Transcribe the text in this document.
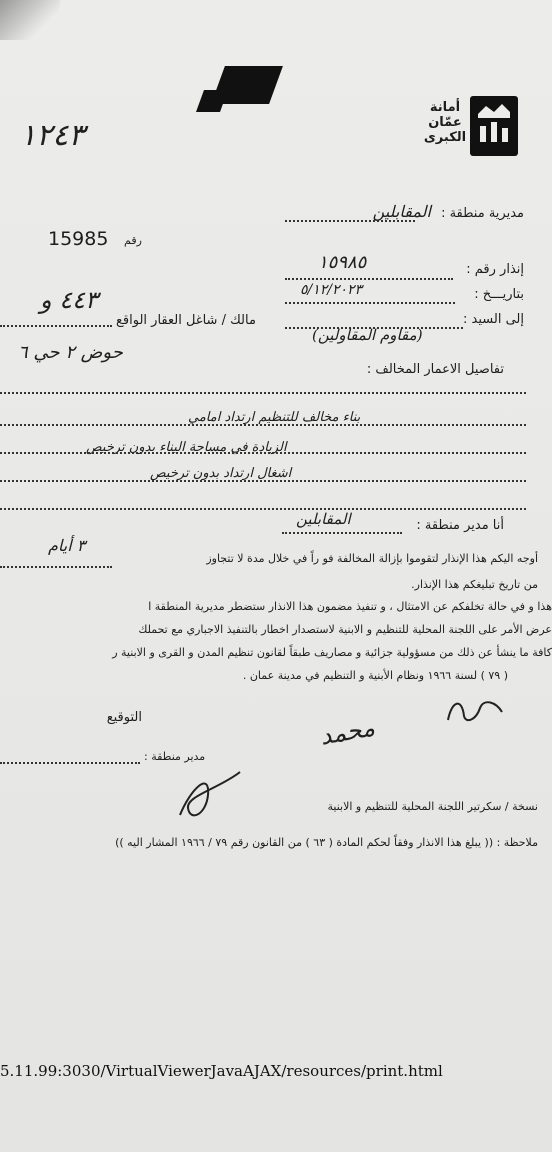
١٢٤٣
أمانة عمّان الكبرى
مديرية منطقة : المقابلين
15985 رقم
إنذار رقم :
١٥٩٨٥
بتاريـــخ :
٥/١٢/٢٠٢٣
٤٤٣ و
إلى السيد :
(مقاوم المقاولين)
مالك / شاغل العقار الواقع
حوض ٢ حي ٦
تفاصيل الاعمار المخالف :
بناء مخالف للتنظيم ارتداد امامي
الزيادة في مساحة البناء بدون ترخيص
اشغال ارتداد بدون ترخيص
أنا مدير منطقة :
المقابلين
أوجه اليكم هذا الإنذار لتقوموا بإزالة المخالفة فو راً في خلال مدة لا تتجاوز
٣ أيام
من تاريخ تبليغكم هذا الإنذار.
هذا و في حالة تخلفكم عن الامتثال ، و تنفيذ مضمون هذا الانذار ستضطر مديرية المنطقة ا
عرض الأمر على اللجنة المحلية للتنظيم و الابنية لاستصدار اخطار بالتنفيذ الاجباري مع تحملك
كافة ما ينشأ عن ذلك من مسؤولية جزائية و مصاريف طبقاً لقانون تنظيم المدن و القرى و الابنية ر
( ٧٩ ) لسنة ١٩٦٦ ونظام الأبنية و التنظيم في مدينة عمان .
التوقيع	محمد
مدير منطقة :
نسخة / سكرتير اللجنة المحلية للتنظيم و الابنية
ملاحظة : (( يبلغ هذا الانذار وفقاً لحكم المادة ( ٦٣ ) من القانون رقم ٧٩ / ١٩٦٦ المشار اليه ))
5.11.99:3030/VirtualViewerJavaAJAX/resources/print.html
